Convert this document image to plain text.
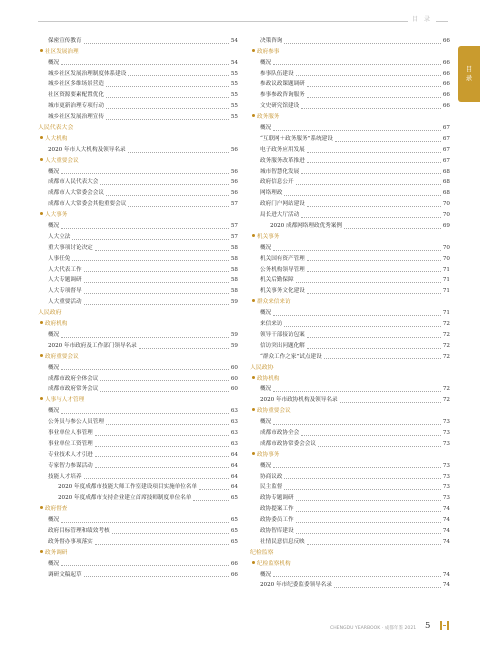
目 录
目
录
保密宣传教育	54
社区发展治理
概况	54
城乡社区发展治理制度体系建设	55
城乡社区多维场景营造	55
社区资源要素配置优化	55
城市更新治理专项行动	55
城乡社区发展治理宣传	55
人民代表大会
人大机构
2020 年市人大机构及领导名录	56
人大重要会议
概况	56
成都市人民代表大会	56
成都市人大常委会会议	56
成都市人大常委会其他重要会议	57
人大事务
概况	57
人大立法	57
重大事项讨论决定	58
人事任免	58
人大代表工作	58
人大专题调研	58
人大专项督导	58
人大重要活动	59
人民政府
政府机构
概况	59
2020 年市政府及工作部门领导名录	59
政府重要会议
概况	60
成都市政府全体会议	60
成都市政府常务会议	60
人事与人才管理
概况	63
公务员与参公人员管理	63
事业单位人事管理	63
事业单位工资管理	63
专业技术人才引进	64
专家智力参谋活动	64
技能人才培养	64
2020 年度成都市技能大师工作室建设项目实施单位名单	64
2020 年度成都市支持企业建立首席技师制度单位名单	65
政府督查
概况	65
政府目标管理和绩效考核	65
政务督办事项落实	65
政务调研
概况	66
调研文稿起草	66
决策咨询	66
政府参事
概况	66
参事队伍建设	66
参政议政课题调研	66
参事参政咨询服务	66
文史研究馆建设	66
政务服务
概况	67
“互联网＋政务服务”系统建设	67
电子政务应用发展	67
政务服务改革推进	67
城市智慧化发展	68
政府信息公开	68
网络理政	68
政府门户网站建设	70
局长进大厅活动	70
2020 成都网络理政优秀案例	69
机关事务
概况	70
机关国有资产管理	70
公务机构领导管理	71
机关后勤保障	71
机关事务文化建设	71
群众来信来访
概况	71
来信来访	72
领导干部接访包案	72
信访突出问题化解	72
“群众工作之家”试点建设	72
人民政协
政协机构
概况	72
2020 年市政协机构及领导名录	72
政协重要会议
概况	73
成都市政协全会	73
成都市政协常委会会议	73
政协事务
概况	73
协商议政	73
民主监督	73
政协专题调研	73
政协提案工作	74
政协委员工作	74
政协智库建设	74
社情民意信息反映	74
纪检监察
纪检监察机构
概况	74
2020 年市纪委监委领导名录	74
CHENGDU YEARBOOK · 成都年鉴 2021 5
